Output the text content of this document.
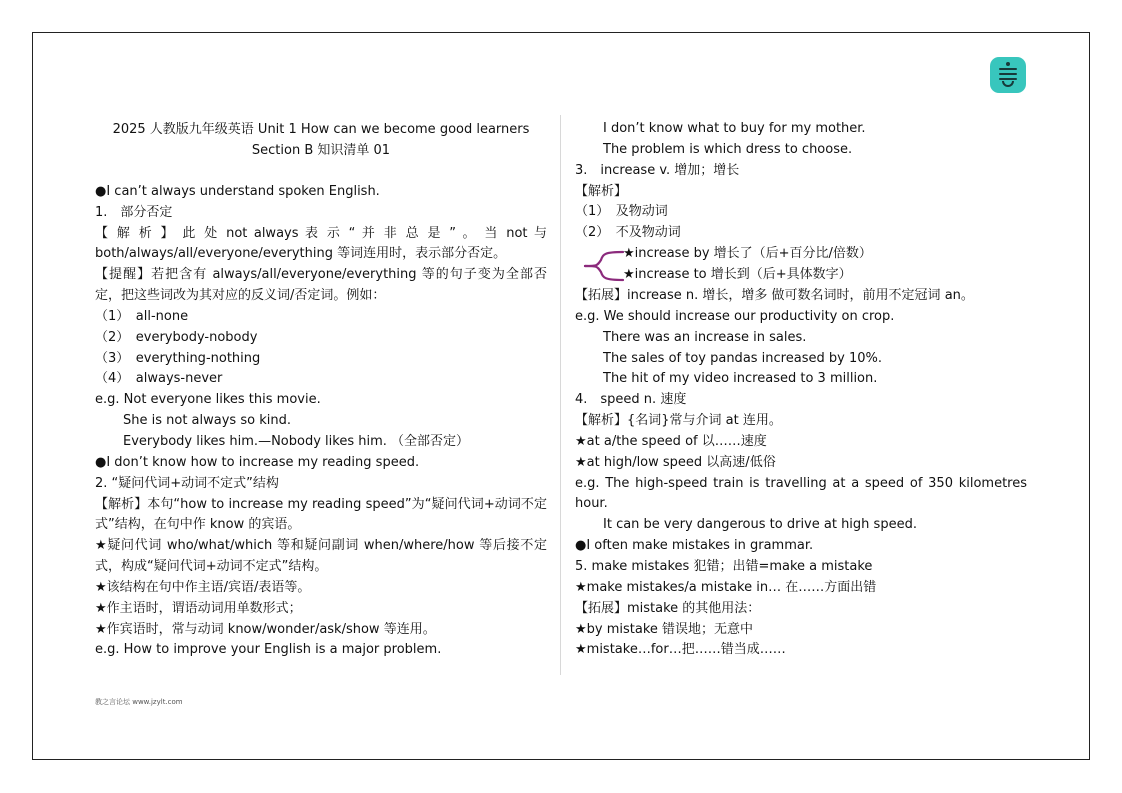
2025 人教版九年级英语 Unit 1 How can we become good learners
Section B 知识清单 01
●I can’t always understand spoken English.
1.　部分否定
【 解 析 】 此 处 not always 表 示 “ 并 非 总 是 ” 。 当 not 与
both/always/all/everyone/everything 等词连用时，表示部分否定。
【提醒】若把含有 always/all/everyone/everything 等的句子变为全部否
定，把这些词改为其对应的反义词/否定词。例如：
（1）　all-none
（2）　everybody-nobody
（3）　everything-nothing
（4）　always-never
e.g. Not everyone likes this movie.
She is not always so kind.
Everybody likes him.—Nobody likes him. （全部否定）
●I don’t know how to increase my reading speed.
2. “疑问代词+动词不定式”结构
【解析】本句“how to increase my reading speed”为“疑问代词+动词不定
式”结构，在句中作 know 的宾语。
★疑问代词 who/what/which 等和疑问副词 when/where/how 等后接不定
式，构成“疑问代词+动词不定式”结构。
★该结构在句中作主语/宾语/表语等。
★作主语时，谓语动词用单数形式；
★作宾语时，常与动词 know/wonder/ask/show 等连用。
e.g. How to improve your English is a major problem.
I don’t know what to buy for my mother.
The problem is which dress to choose.
3.　increase v. 增加；增长
【解析】
（1）　及物动词
（2）　不及物动词
★increase by 增长了（后+百分比/倍数）
★increase to 增长到（后+具体数字）
【拓展】increase n. 增长，增多 做可数名词时，前用不定冠词 an。
e.g. We should increase our productivity on crop.
There was an increase in sales.
The sales of toy pandas increased by 10%.
The hit of my video increased to 3 million.
4.　speed n. 速度
【解析】{名词}常与介词 at 连用。
★at a/the speed of 以……速度
★at high/low speed 以高速/低俗
e.g. The high-speed train is travelling at a speed of 350 kilometres
hour.
It can be very dangerous to drive at high speed.
●I often make mistakes in grammar.
5. make mistakes 犯错；出错=make a mistake
★make mistakes/a mistake in… 在……方面出错
【拓展】mistake 的其他用法：
★by mistake 错误地；无意中
★mistake…for…把……错当成……
教之言论坛 www.jzylt.com
